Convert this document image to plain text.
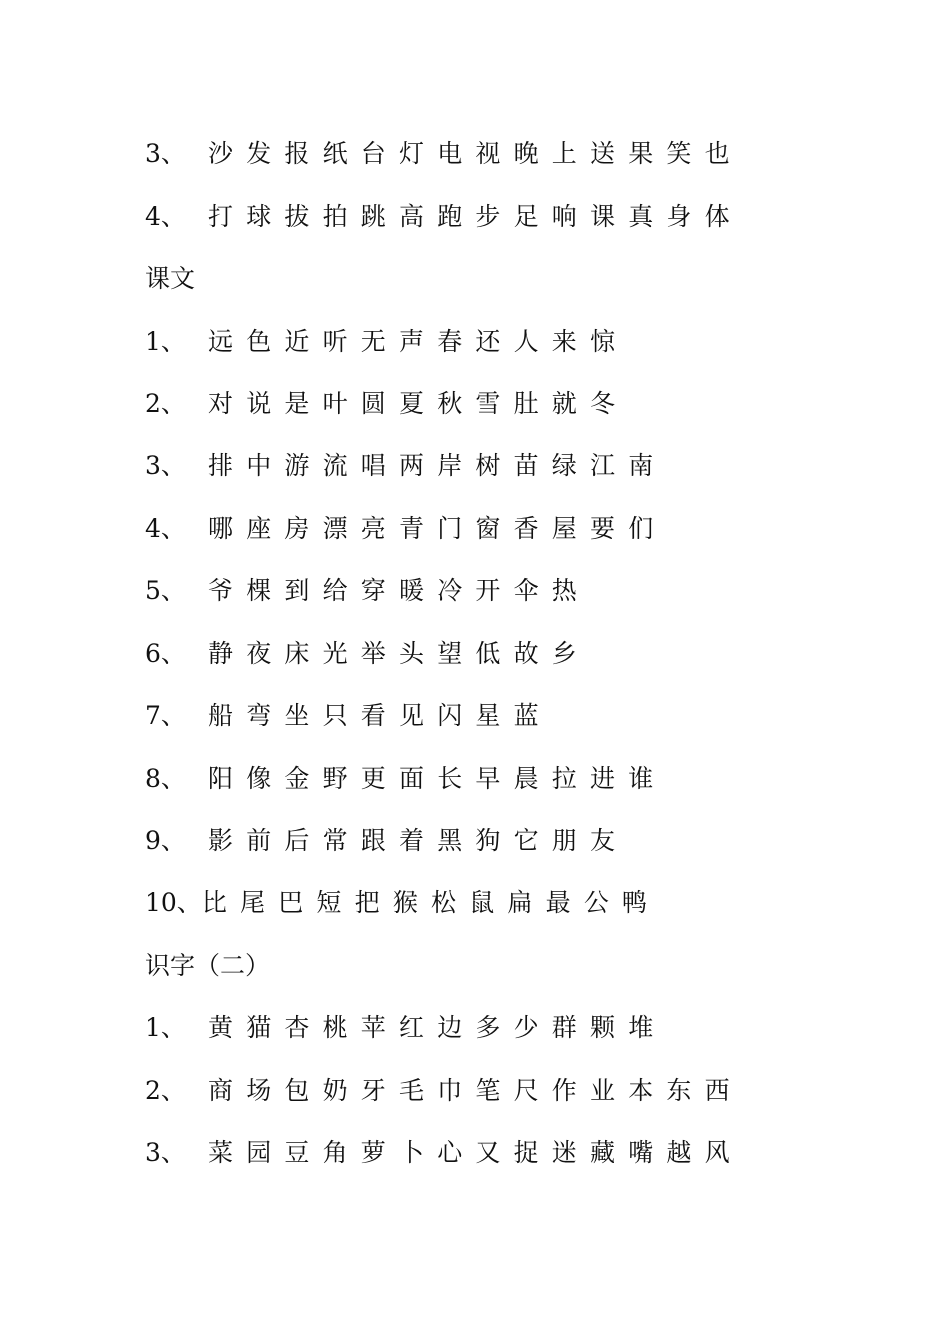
3、 沙发报纸台灯电视晚上送果笑也
4、 打球拔拍跳高跑步足响课真身体
课文
1、 远色近听无声春还人来惊
2、 对说是叶圆夏秋雪肚就冬
3、 排中游流唱两岸树苗绿江南
4、 哪座房漂亮青门窗香屋要们
5、 爷棵到给穿暖冷开伞热
6、 静夜床光举头望低故乡
7、 船弯坐只看见闪星蓝
8、 阳像金野更面长早晨拉进谁
9、 影前后常跟着黑狗它朋友
10、比尾巴短把猴松鼠扁最公鸭
识字（二）
1、 黄猫杏桃苹红边多少群颗堆
2、 商场包奶牙毛巾笔尺作业本东西
3、 菜园豆角萝卜心又捉迷藏嘴越风
